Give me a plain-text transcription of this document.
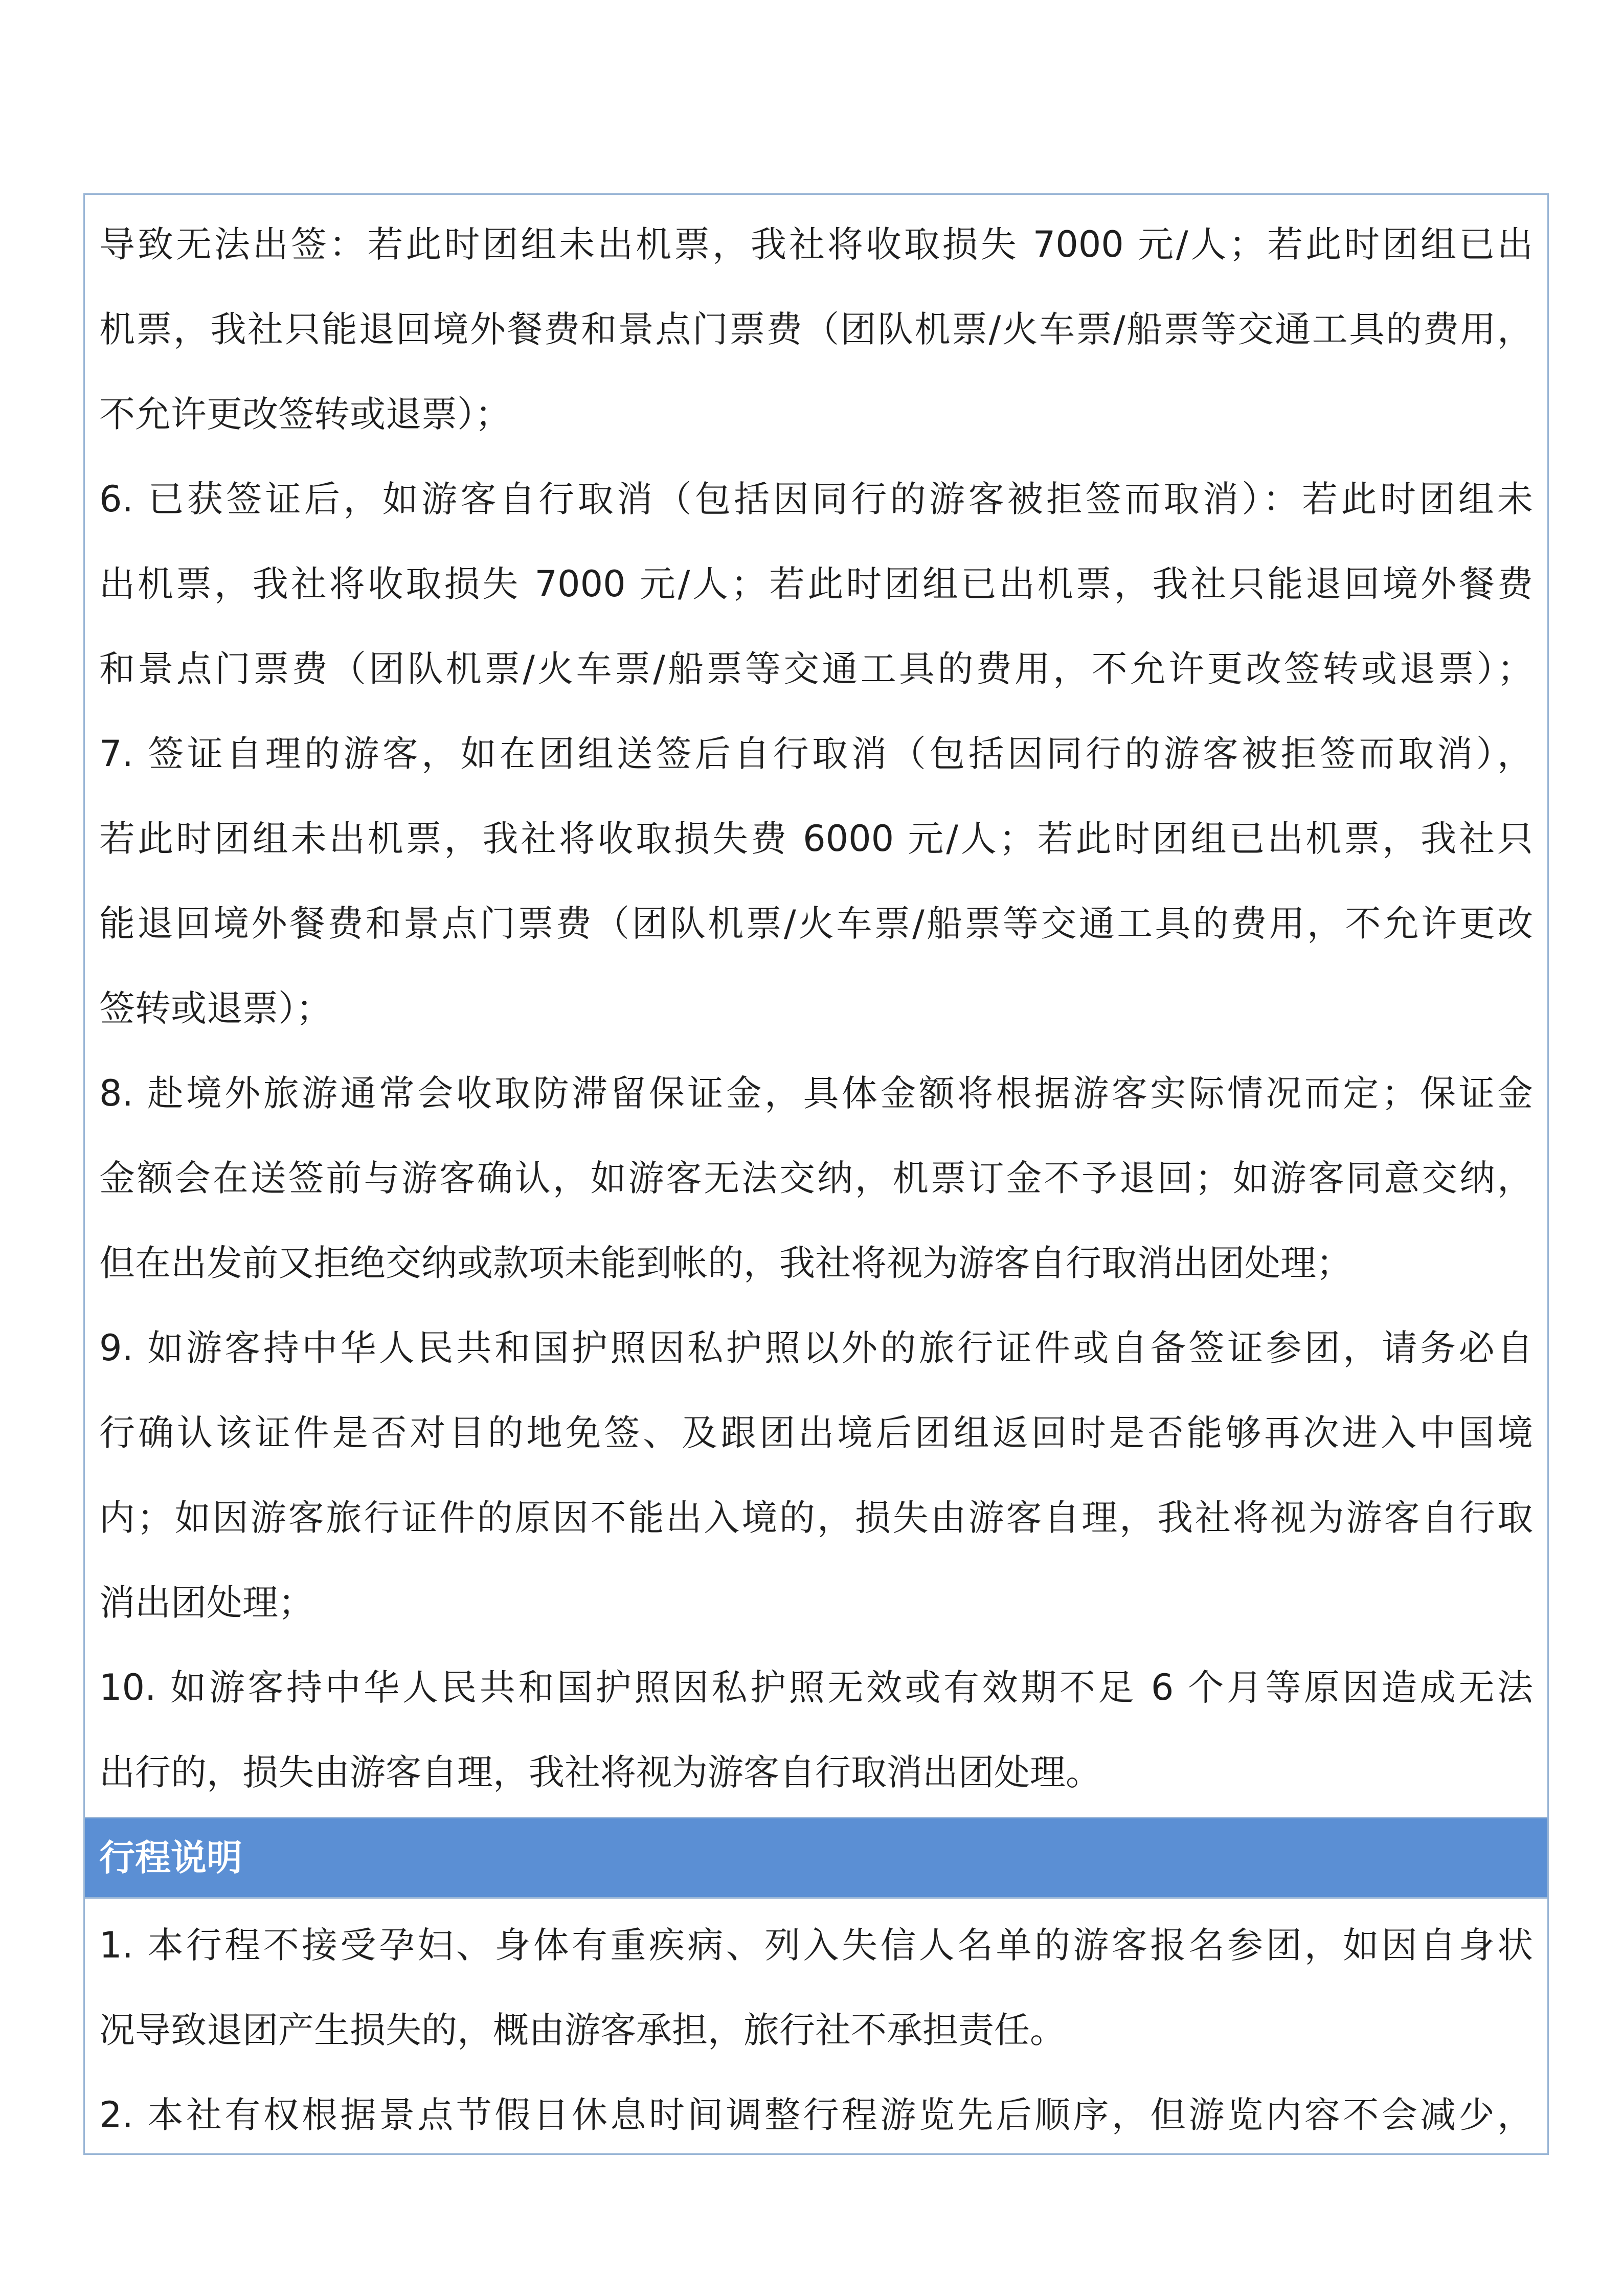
导致无法出签：若此时团组未出机票，我社将收取损失 7000 元/人；若此时团组已出
机票，我社只能退回境外餐费和景点门票费（团队机票/火车票/船票等交通工具的费用，
不允许更改签转或退票）；
6. 已获签证后，如游客自行取消（包括因同行的游客被拒签而取消）：若此时团组未
出机票，我社将收取损失 7000 元/人；若此时团组已出机票，我社只能退回境外餐费
和景点门票费（团队机票/火车票/船票等交通工具的费用，不允许更改签转或退票）；
7. 签证自理的游客，如在团组送签后自行取消（包括因同行的游客被拒签而取消），
若此时团组未出机票，我社将收取损失费 6000 元/人；若此时团组已出机票，我社只
能退回境外餐费和景点门票费（团队机票/火车票/船票等交通工具的费用，不允许更改
签转或退票）；
8. 赴境外旅游通常会收取防滞留保证金，具体金额将根据游客实际情况而定；保证金
金额会在送签前与游客确认，如游客无法交纳，机票订金不予退回；如游客同意交纳，
但在出发前又拒绝交纳或款项未能到帐的，我社将视为游客自行取消出团处理；
9. 如游客持中华人民共和国护照因私护照以外的旅行证件或自备签证参团，请务必自
行确认该证件是否对目的地免签、及跟团出境后团组返回时是否能够再次进入中国境
内；如因游客旅行证件的原因不能出入境的，损失由游客自理，我社将视为游客自行取
消出团处理；
10. 如游客持中华人民共和国护照因私护照无效或有效期不足 6 个月等原因造成无法
出行的，损失由游客自理，我社将视为游客自行取消出团处理。
行程说明
1. 本行程不接受孕妇、身体有重疾病、列入失信人名单的游客报名参团，如因自身状
况导致退团产生损失的，概由游客承担，旅行社不承担责任。
2. 本社有权根据景点节假日休息时间调整行程游览先后顺序，但游览内容不会减少，
